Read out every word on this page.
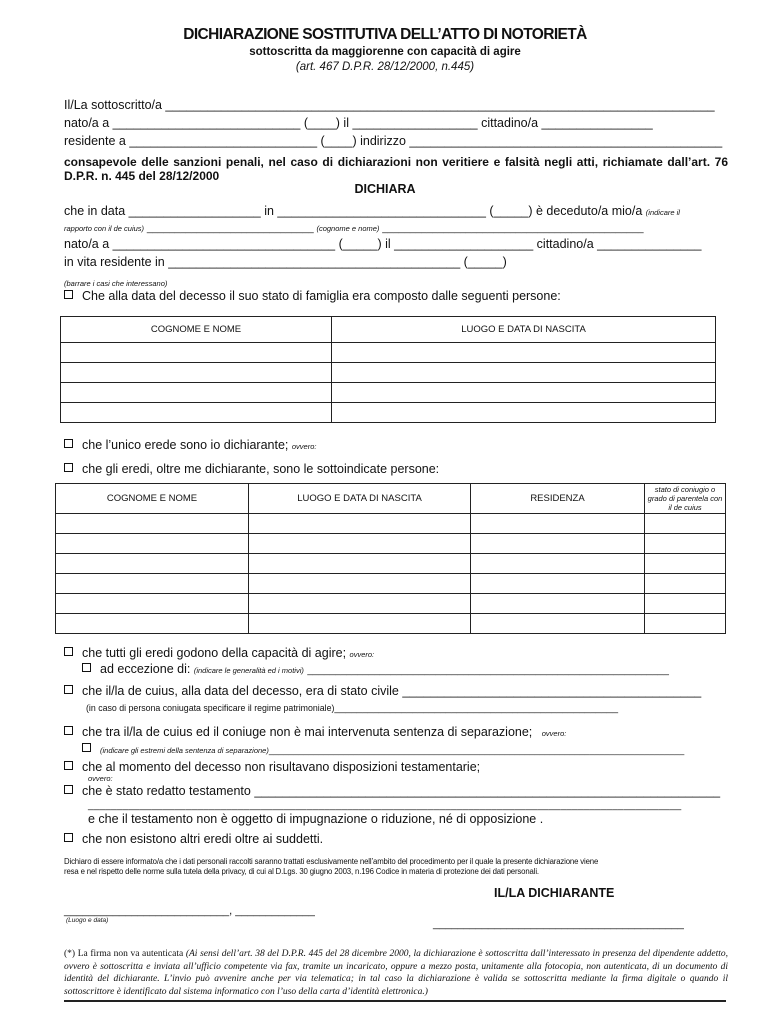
DICHIARAZIONE SOSTITUTIVA DELL’ATTO DI NOTORIETÀ
sottoscritta da maggiorenne con capacità di agire
(art. 467 D.P.R. 28/12/2000, n.445)
Il/La sottoscritto/a _______________________________________________________________________________
nato/a a ___________________________ (____) il __________________ cittadino/a ________________
residente a ___________________________ (____) indirizzo _____________________________________________
consapevole delle sanzioni penali, nel caso di dichiarazioni non veritiere e falsità negli atti, richiamate dall’art. 76 D.P.R. n. 445 del 28/12/2000
DICHIARA
che in data ___________________ in ______________________________ (_____) è deceduto/a mio/a (indicare il
rapporto con il de cuius) ______________________________ (cognome e nome) _______________________________________________
nato/a a ________________________________ (_____) il ____________________ cittadino/a _______________
in vita residente in __________________________________________ (_____)
(barrare i casi che interessano)
Che alla data del decesso il suo stato di famiglia era composto dalle seguenti persone:
COGNOME E NOME	LUOGO E DATA DI NASCITA

che l’unico erede sono io dichiarante; ovvero:
che gli eredi, oltre me dichiarante, sono le sottoindicate persone:
COGNOME E NOME	LUOGO E DATA DI NASCITA	RESIDENZA	stato di coniugio o grado di parentela con il de cuius

che tutti gli eredi godono della capacità di agire; ovvero:
ad eccezione di: (indicare le generalità ed i motivi) _________________________________________________________________
che il/la de cuius, alla data del decesso, era di stato civile ___________________________________________
(in caso di persona coniugata specificare il regime patrimoniale)___________________________________________________
che tra il/la de cuius ed il coniuge non è mai intervenuta sentenza di separazione; ovvero:
(indicare gli estremi della sentenza di separazione)___________________________________________________________________________________
che al momento del decesso non risultavano disposizioni testamentarie;
ovvero:
che è stato redatto testamento ___________________________________________________________________
_______________________________________________________________________________________________________
e che il testamento non è oggetto di impugnazione o riduzione, né di opposizione .
che non esistono altri eredi oltre ai suddetti.
Dichiaro di essere informato/a che i dati personali raccolti saranno trattati esclusivamente nell’ambito del procedimento per il quale la presente dichiarazione viene
resa e nel rispetto delle norme sulla tutela della privacy, di cui al D.Lgs. 30 giugno 2003, n.196 Codice in materia di protezione dei dati personali.
IL/LA DICHIARANTE
___________________________, _____________
(Luogo e data)	_________________________________________
(*) La firma non va autenticata (Ai sensi dell’art. 38 del D.P.R. 445 del 28 dicembre 2000, la dichiarazione è sottoscritta dall’interessato in presenza del dipendente addetto, ovvero è sottoscritta e inviata all’ufficio competente via fax, tramite un incaricato, oppure a mezzo posta, unitamente alla fotocopia, non autenticata, di un documento di identità del dichiarante. L’invio può avvenire anche per via telematica; in tal caso la dichiarazione è valida se sottoscritta mediante la firma digitale o quando il sottoscrittore è identificato dal sistema informatico con l’uso della carta d’identità elettronica.)
